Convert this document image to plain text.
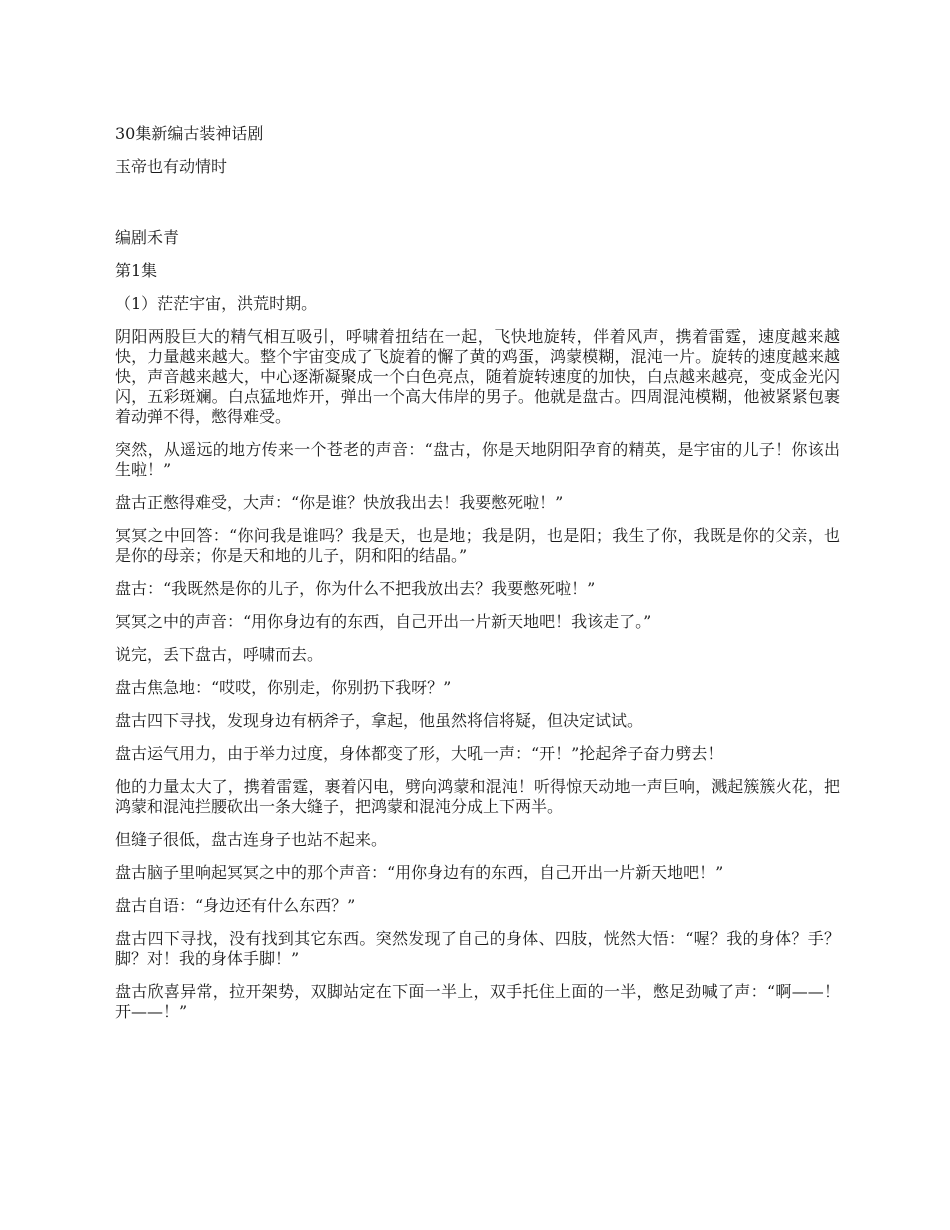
30集新编古装神话剧

玉帝也有动情时

编剧禾青

第1集

（1）茫茫宇宙，洪荒时期。

阴阳两股巨大的精气相互吸引，呼啸着扭结在一起，飞快地旋转，伴着风声，携着雷霆，速度越来越快，力量越来越大。整个宇宙变成了飞旋着的懈了黄的鸡蛋，鸿蒙模糊，混沌一片。旋转的速度越来越快，声音越来越大，中心逐渐凝聚成一个白色亮点，随着旋转速度的加快，白点越来越亮，变成金光闪闪，五彩斑斓。白点猛地炸开，弹出一个高大伟岸的男子。他就是盘古。四周混沌模糊，他被紧紧包裹着动弹不得，憋得难受。

突然，从遥远的地方传来一个苍老的声音：“盘古，你是天地阴阳孕育的精英，是宇宙的儿子！你该出生啦！”

盘古正憋得难受，大声：“你是谁？快放我出去！我要憋死啦！”

冥冥之中回答：“你问我是谁吗？我是天，也是地；我是阴，也是阳；我生了你，我既是你的父亲，也是你的母亲；你是天和地的儿子，阴和阳的结晶。”

盘古：“我既然是你的儿子，你为什么不把我放出去？我要憋死啦！”

冥冥之中的声音：“用你身边有的东西，自己开出一片新天地吧！我该走了。”

说完，丢下盘古，呼啸而去。

盘古焦急地：“哎哎，你别走，你别扔下我呀？”

盘古四下寻找，发现身边有柄斧子，拿起，他虽然将信将疑，但决定试试。

盘古运气用力，由于举力过度，身体都变了形，大吼一声：“开！”抡起斧子奋力劈去！

他的力量太大了，携着雷霆，裹着闪电，劈向鸿蒙和混沌！听得惊天动地一声巨响，溅起簇簇火花，把鸿蒙和混沌拦腰砍出一条大缝子，把鸿蒙和混沌分成上下两半。

但缝子很低，盘古连身子也站不起来。

盘古脑子里响起冥冥之中的那个声音：“用你身边有的东西，自己开出一片新天地吧！”

盘古自语：“身边还有什么东西？”

盘古四下寻找，没有找到其它东西。突然发现了自己的身体、四肢，恍然大悟：“喔？我的身体？手？脚？对！我的身体手脚！”

盘古欣喜异常，拉开架势，双脚站定在下面一半上，双手托住上面的一半，憋足劲喊了声：“啊——！开——！”
